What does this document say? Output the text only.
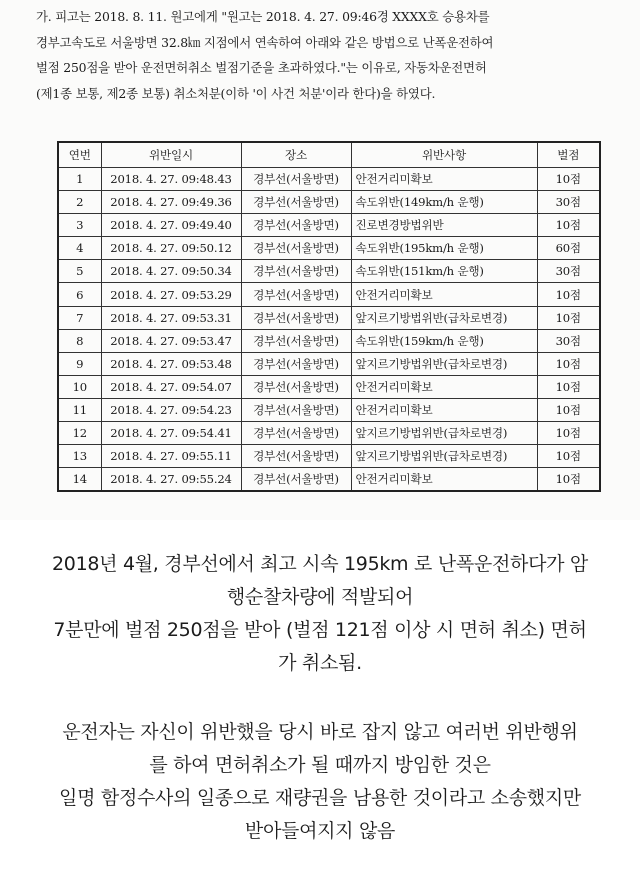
가. 피고는 2018. 8. 11. 원고에게 "원고는 2018. 4. 27. 09:46경 XXXX호 승용차를
경부고속도로 서울방면 32.8㎞ 지점에서 연속하여 아래와 같은 방법으로 난폭운전하여
벌점 250점을 받아 운전면허취소 벌점기준을 초과하였다."는 이유로, 자동차운전면허
(제1종 보통, 제2종 보통) 취소처분(이하 '이 사건 처분'이라 한다)을 하였다.
연번	위반일시	장소	위반사항	벌점
1	2018. 4. 27. 09:48.43	경부선(서울방면)	안전거리미확보	10점
2	2018. 4. 27. 09:49.36	경부선(서울방면)	속도위반(149km/h 운행)	30점
3	2018. 4. 27. 09:49.40	경부선(서울방면)	진로변경방법위반	10점
4	2018. 4. 27. 09:50.12	경부선(서울방면)	속도위반(195km/h 운행)	60점
5	2018. 4. 27. 09:50.34	경부선(서울방면)	속도위반(151km/h 운행)	30점
6	2018. 4. 27. 09:53.29	경부선(서울방면)	안전거리미확보	10점
7	2018. 4. 27. 09:53.31	경부선(서울방면)	앞지르기방법위반(급차로변경)	10점
8	2018. 4. 27. 09:53.47	경부선(서울방면)	속도위반(159km/h 운행)	30점
9	2018. 4. 27. 09:53.48	경부선(서울방면)	앞지르기방법위반(급차로변경)	10점
10	2018. 4. 27. 09:54.07	경부선(서울방면)	안전거리미확보	10점
11	2018. 4. 27. 09:54.23	경부선(서울방면)	안전거리미확보	10점
12	2018. 4. 27. 09:54.41	경부선(서울방면)	앞지르기방법위반(급차로변경)	10점
13	2018. 4. 27. 09:55.11	경부선(서울방면)	앞지르기방법위반(급차로변경)	10점
14	2018. 4. 27. 09:55.24	경부선(서울방면)	안전거리미확보	10점
2018년 4월, 경부선에서 최고 시속 195km 로 난폭운전하다가 암
행순찰차량에 적발되어
7분만에 벌점 250점을 받아 (벌점 121점 이상 시 면허 취소) 면허
가 취소됨.
운전자는 자신이 위반했을 당시 바로 잡지 않고 여러번 위반행위
를 하여 면허취소가 될 때까지 방임한 것은
일명 함정수사의 일종으로 재량권을 남용한 것이라고 소송했지만
받아들여지지 않음
